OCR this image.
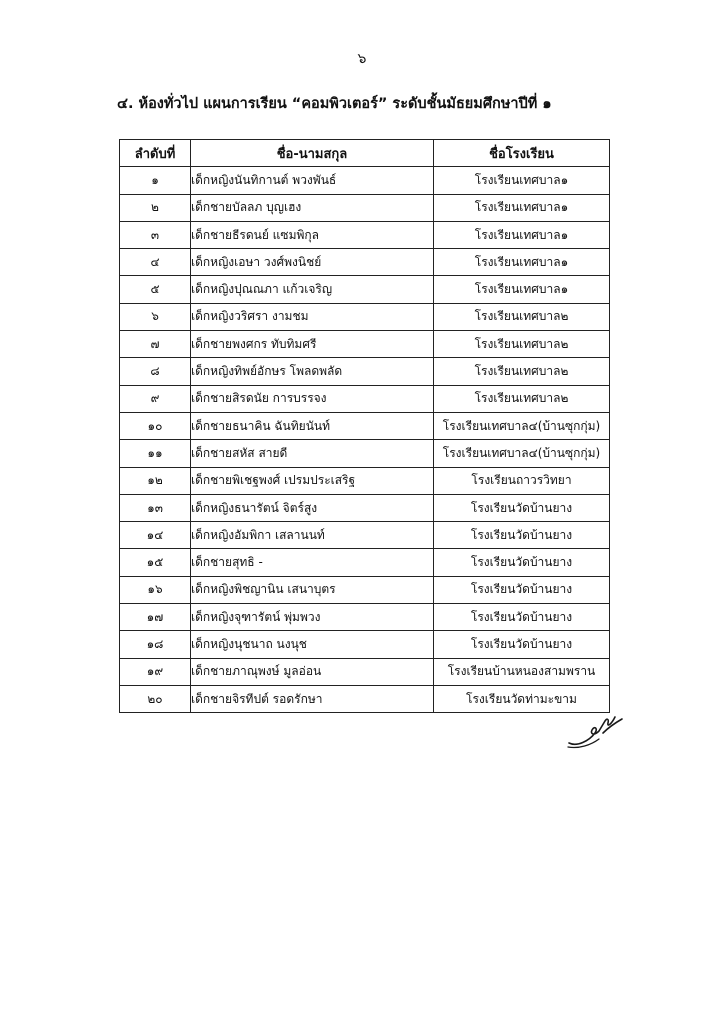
๖
๔. ห้องทั่วไป แผนการเรียน “คอมพิวเตอร์” ระดับชั้นมัธยมศึกษาปีที่ ๑
ลำดับที่	ชื่อ-นามสกุล	ชื่อโรงเรียน
๑	เด็กหญิงนันทิกานต์ พวงพันธ์	โรงเรียนเทศบาล๑
๒	เด็กชายบัลลภ บุญเฮง	โรงเรียนเทศบาล๑
๓	เด็กชายธีรดนย์ แซมพิกุล	โรงเรียนเทศบาล๑
๔	เด็กหญิงเอษา วงศ์พงนิชย์	โรงเรียนเทศบาล๑
๕	เด็กหญิงปุณณภา แก้วเจริญ	โรงเรียนเทศบาล๑
๖	เด็กหญิงวริศรา งามชม	โรงเรียนเทศบาล๒
๗	เด็กชายพงศกร ทับทิมศรี	โรงเรียนเทศบาล๒
๘	เด็กหญิงทิพย์อักษร โพลดพลัด	โรงเรียนเทศบาล๒
๙	เด็กชายสิรดนัย การบรรจง	โรงเรียนเทศบาล๒
๑๐	เด็กชายธนาคิน ฉันทิยนันท์	โรงเรียนเทศบาล๔(บ้านซุกกุ่ม)
๑๑	เด็กชายสหัส สายดี	โรงเรียนเทศบาล๔(บ้านซุกกุ่ม)
๑๒	เด็กชายพิเชฐพงศ์ เปรมประเสริฐ	โรงเรียนถาวรวิทยา
๑๓	เด็กหญิงธนารัตน์ จิตร์สูง	โรงเรียนวัดบ้านยาง
๑๔	เด็กหญิงอัมพิกา เสลานนท์	โรงเรียนวัดบ้านยาง
๑๕	เด็กชายสุทธิ -	โรงเรียนวัดบ้านยาง
๑๖	เด็กหญิงพิชญานิน เสนาบุตร	โรงเรียนวัดบ้านยาง
๑๗	เด็กหญิงจุฑารัตน์ พุ่มพวง	โรงเรียนวัดบ้านยาง
๑๘	เด็กหญิงนุชนาถ นงนุช	โรงเรียนวัดบ้านยาง
๑๙	เด็กชายภาณุพงษ์ มูลอ่อน	โรงเรียนบ้านหนองสามพราน
๒๐	เด็กชายจิรทีปต์ รอดรักษา	โรงเรียนวัดท่ามะขาม
